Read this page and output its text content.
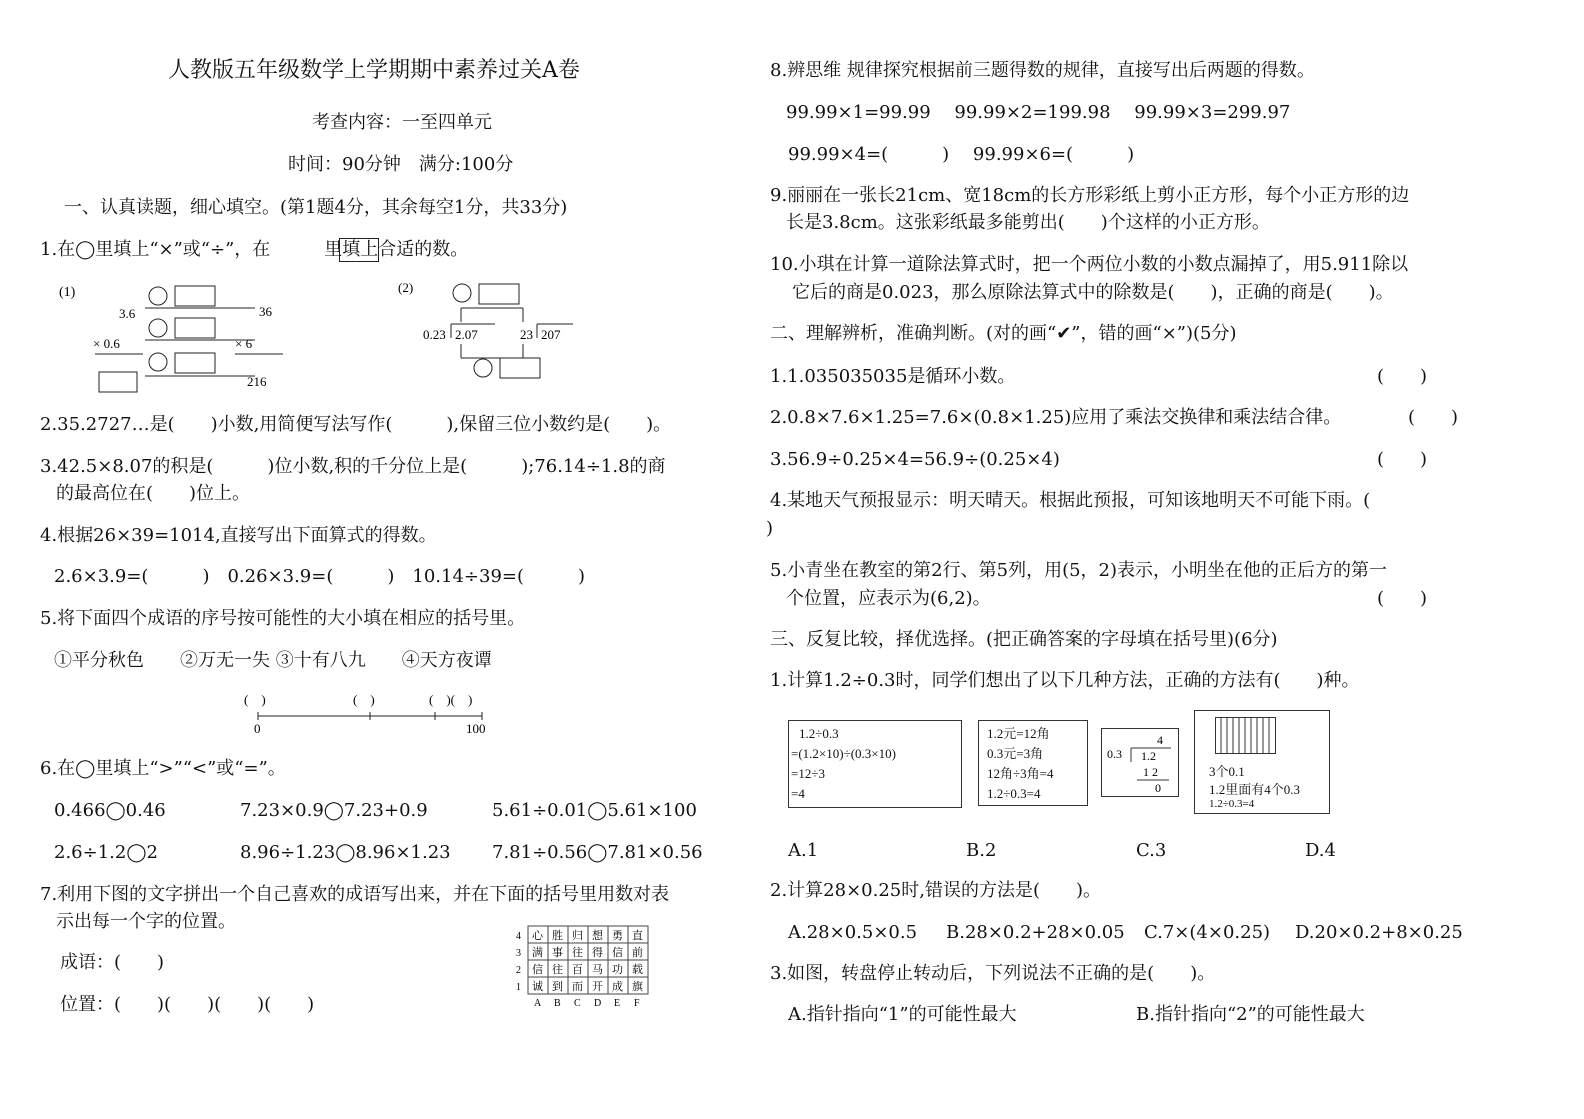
人教版五年级数学上学期期中素养过关A卷
考查内容：一至四单元
时间：90分钟　满分:100分
一、认真读题，细心填空。(第1题4分，其余每空1分，共33分)
1.在◯里填上“×”或“÷”，在　　　里填上合适的数。
(1)
3.6
× 0.6
36
× 6
216
(2)
0.23 2.07	23 207
2.35.2727…是(　　)小数,用简便写法写作(　　　),保留三位小数约是(　　)。
3.42.5×8.07的积是(　　　)位小数,积的千分位上是(　　　);76.14÷1.8的商
的最高位在(　　)位上。
4.根据26×39=1014,直接写出下面算式的得数。
2.6×3.9=(　　　)　0.26×3.9=(　　　)　10.14÷39=(　　　)
5.将下面四个成语的序号按可能性的大小填在相应的括号里。
①平分秋色　　②万无一失 ③十有八九　　④天方夜谭
(　)	(　)	(　)(　)
0	100
6.在◯里填上“>”“<”或“=”。
0.466◯0.46	7.23×0.9◯7.23+0.9	5.61÷0.01◯5.61×100
2.6÷1.2◯2	8.96÷1.23◯8.96×1.23 7.81÷0.56◯7.81×0.56
7.利用下图的文字拼出一个自己喜欢的成语写出来，并在下面的括号里用数对表
示出每一个字的位置。
成语：(　　)
位置：(　　)(　　)(　　)(　　)
4 心 胜 归 想 勇 直
3 满 事 往 得 信 前
2 信 往 百 马 功 载
1 诚 到 而 开 成 旗
A B C D E F
8.辨思维 规律探究根据前三题得数的规律，直接写出后两题的得数。
99.99×1=99.99　 99.99×2=199.98　 99.99×3=299.97
99.99×4=(　　　)　 99.99×6=(　　　)
9.丽丽在一张长21cm、宽18cm的长方形彩纸上剪小正方形，每个小正方形的边
长是3.8cm。这张彩纸最多能剪出(　　)个这样的小正方形。
10.小琪在计算一道除法算式时，把一个两位小数的小数点漏掉了，用5.911除以
它后的商是0.023，那么原除法算式中的除数是(　　)，正确的商是(　　)。
二、理解辨析，准确判断。(对的画“✔”，错的画“×”)(5分)
1.1.035035035是循环小数。	(　　)
2.0.8×7.6×1.25=7.6×(0.8×1.25)应用了乘法交换律和乘法结合律。	(　　)
3.56.9÷0.25×4=56.9÷(0.25×4)	(　　)
4.某地天气预报显示：明天晴天。根据此预报，可知该地明天不可能下雨。(
)
5.小青坐在教室的第2行、第5列，用(5，2)表示，小明坐在他的正后方的第一
个位置，应表示为(6,2)。	(　　)
三、反复比较，择优选择。(把正确答案的字母填在括号里)(6分)
1.计算1.2÷0.3时，同学们想出了以下几种方法，正确的方法有(　　)种。
1.2÷0.3
=(1.2×10)÷(0.3×10)
=12÷3
=4
1.2元=12角
0.3元=3角
12角÷3角=4
1.2÷0.3=4
4
0.3 1.2
1 2
0
3个0.1
1.2里面有4个0.3
1.2÷0.3=4
A.1	B.2	C.3	D.4
2.计算28×0.25时,错误的方法是(　　)。
A.28×0.5×0.5 B.28×0.2+28×0.05 C.7×(4×0.25) D.20×0.2+8×0.25
3.如图，转盘停止转动后，下列说法不正确的是(　　)。
A.指针指向“1”的可能性最大	B.指针指向“2”的可能性最大
